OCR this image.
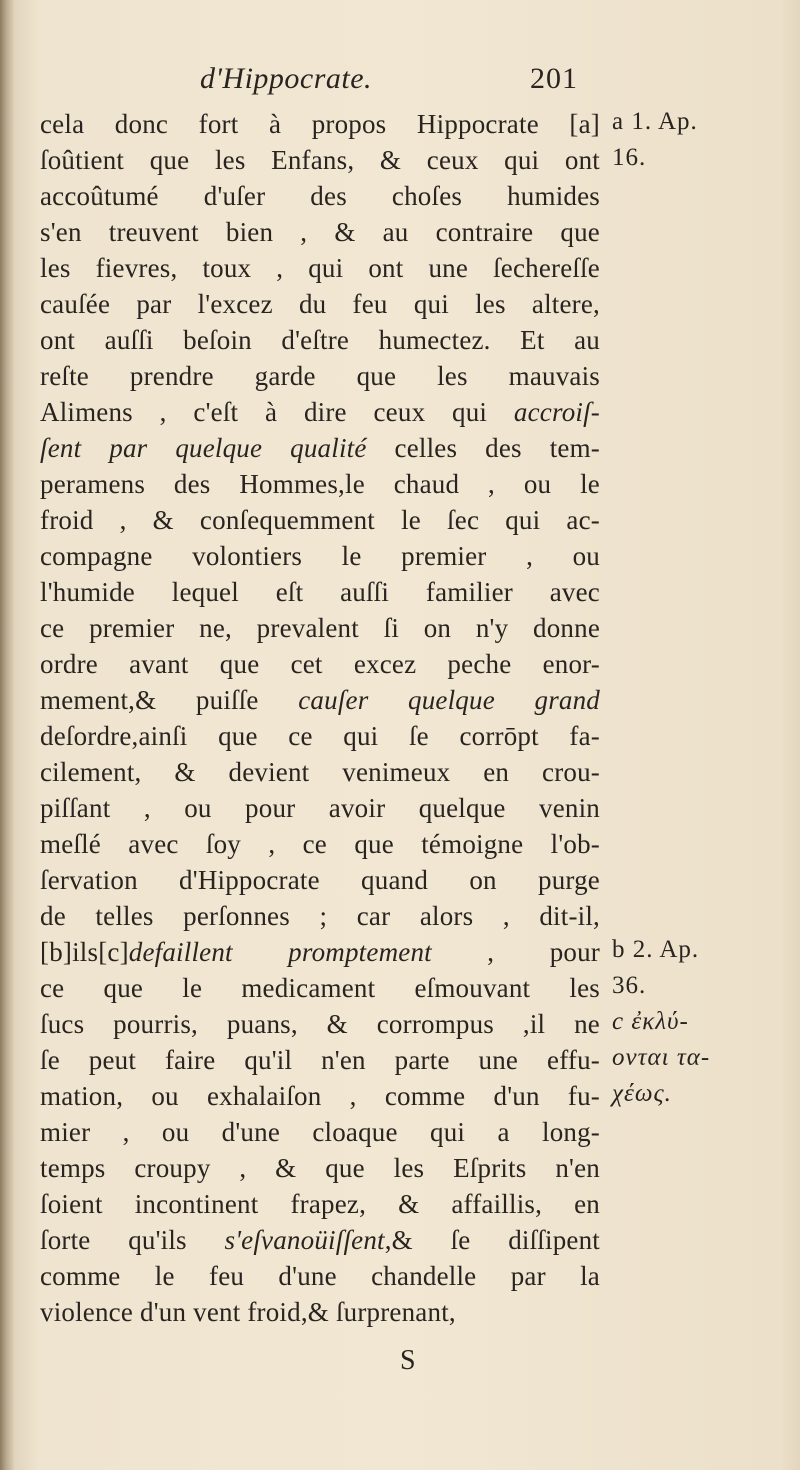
d'Hippocrate.	201
cela donc fort à propos Hippocrate [a]
ſoûtient que les Enfans, & ceux qui ont
accoûtumé d'uſer des choſes humides
s'en treuvent bien , & au contraire que
les fievres, toux , qui ont une ſechereſſe
cauſée par l'excez du feu qui les altere,
ont auſſi beſoin d'eſtre humectez. Et au
reſte prendre garde que les mauvais
Alimens , c'eſt à dire ceux qui accroiſ-
ſent par quelque qualité celles des tem-
peramens des Hommes,le chaud , ou le
froid , & conſequemment le ſec qui ac-
compagne volontiers le premier , ou
l'humide lequel eſt auſſi familier avec
ce premier ne, prevalent ſi on n'y donne
ordre avant que cet excez peche enor-
mement,& puiſſe cauſer quelque grand
deſordre,ainſi que ce qui ſe corrōpt fa-
cilement, & devient venimeux en crou-
piſſant , ou pour avoir quelque venin
meſlé avec ſoy , ce que témoigne l'ob-
ſervation d'Hippocrate quand on purge
de telles perſonnes ; car alors , dit-il,
[b]ils[c]defaillent promptement , pour
ce que le medicament eſmouvant les
ſucs pourris, puans, & corrompus ,il ne
ſe peut faire qu'il n'en parte une effu-
mation, ou exhalaiſon , comme d'un fu-
mier , ou d'une cloaque qui a long-
temps croupy , & que les Eſprits n'en
ſoient incontinent frapez, & affaillis, en
ſorte qu'ils s'eſvanoüiſſent,& ſe diſſipent
comme le feu d'une chandelle par la
violence d'un vent froid,& ſurprenant,
a 1. Ap.
16.
b 2. Ap.
36.
c ἐκλύ-
ονται τα-
χέως.
S
